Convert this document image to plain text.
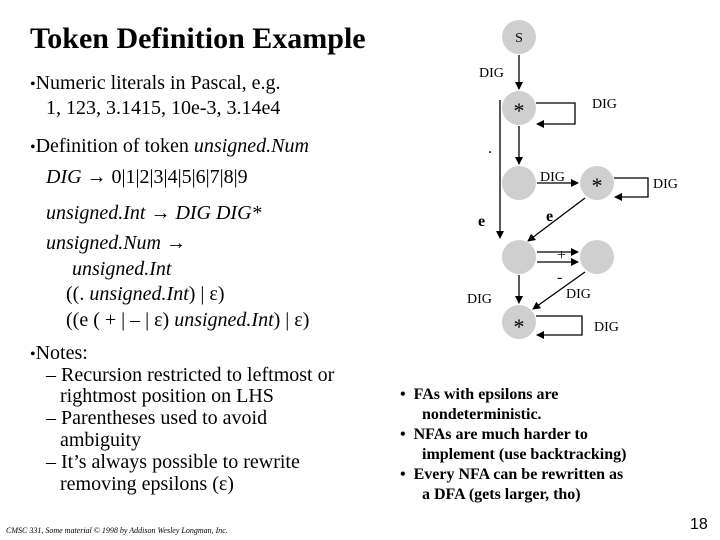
Token Definition Example
•Numeric literals in Pascal, e.g.
1, 123, 3.1415, 10e-3, 3.14e4
•Definition of token unsigned.Num
DIG → 0|1|2|3|4|5|6|7|8|9
unsigned.Int → DIG DIG*
unsigned.Num →
unsigned.Int
((. unsigned.Int) | ε)
((e ( + | – | ε) unsigned.Int) | ε)
•Notes:
– Recursion restricted to leftmost or
rightmost position on LHS
– Parentheses used to avoid
ambiguity
– It’s always possible to rewrite
removing epsilons (ε)
S
DIG
*	DIG
.
DIG *	DIG
e	e
+
-
DIG	DIG
*	DIG
• FAs with epsilons are
nondeterministic.
• NFAs are much harder to
implement (use backtracking)
• Every NFA can be rewritten as
a DFA (gets larger, tho)
CMSC 331, Some material © 1998 by Addison Wesley Longman, Inc.	18
